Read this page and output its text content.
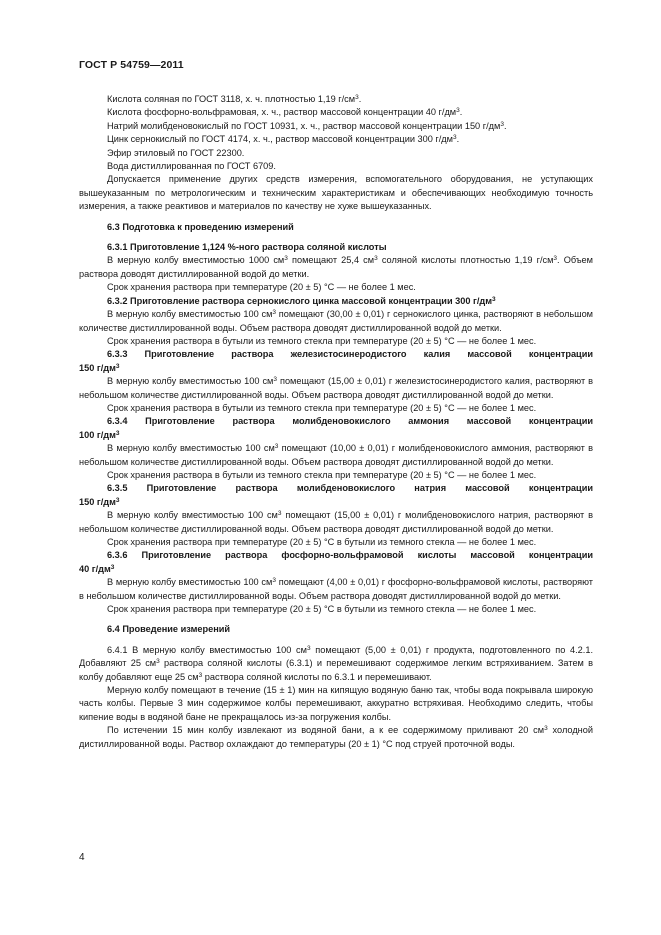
ГОСТ Р 54759—2011

Кислота соляная по ГОСТ 3118, х. ч. плотностью 1,19 $г/см^3$.

Кислота фосфорно-вольфрамовая, х. ч., раствор массовой концентрации 40 $г/дм^3$.

Натрий молибденовокислый по ГОСТ 10931, х. ч., раствор массовой концентрации 150 $г/дм^3$.

Цинк сернокислый по ГОСТ 4174, х. ч., раствор массовой концентрации 300 $г/дм^3$.

Эфир этиловый по ГОСТ 22300.

Вода дистиллированная по ГОСТ 6709.

Допускается применение других средств измерения, вспомогательного оборудования, не уступающих вышеуказанным по метрологическим и техническим характеристикам и обеспечивающих необходимую точность измерения, а также реактивов и материалов по качеству не хуже вышеуказанных.

6.3 Подготовка к проведению измерений
6.3.1 Приготовление 1,124 %-ного раствора соляной кислоты

В мерную колбу вместимостью 1000 $см^3$ помещают 25,4 $см^3$ соляной кислоты плотностью 1,19 $г/см^3$. Объем раствора доводят дистиллированной водой до метки.

Срок хранения раствора при температуре (20 ± 5) °С — не более 1 мес.

6.3.2 Приготовление раствора сернокислого цинка массовой концентрации 300 $г/дм^3$

В мерную колбу вместимостью 100 $см^3$ помещают (30,00 ± 0,01) г сернокислого цинка, растворяют в небольшом количестве дистиллированной воды. Объем раствора доводят дистиллированной водой до метки.

Срок хранения раствора в бутыли из темного стекла при температуре (20 ± 5) °С — не более 1 мес.

6.3.3 Приготовление раствора железистосинеродистого калия массовой концентрации
150 $г/дм^3$

В мерную колбу вместимостью 100 $см^3$ помещают (15,00 ± 0,01) г железистосинеродистого калия, растворяют в небольшом количестве дистиллированной воды. Объем раствора доводят дистиллированной водой до метки.

Срок хранения раствора в бутыли из темного стекла при температуре (20 ± 5) °С — не более 1 мес.

6.3.4 Приготовление раствора молибденовокислого аммония массовой концентрации
100 $г/дм^3$

В мерную колбу вместимостью 100 $см^3$ помещают (10,00 ± 0,01) г молибденовокислого аммония, растворяют в небольшом количестве дистиллированной воды. Объем раствора доводят дистиллированной водой до метки.

Срок хранения раствора в бутыли из темного стекла при температуре (20 ± 5) °С — не более 1 мес.

6.3.5 Приготовление раствора молибденовокислого натрия массовой концентрации
150 $г/дм^3$

В мерную колбу вместимостью 100 $см^3$ помещают (15,00 ± 0,01) г молибденовокислого натрия, растворяют в небольшом количестве дистиллированной воды. Объем раствора доводят дистиллированной водой до метки.

Срок хранения раствора при температуре (20 ± 5) °С в бутыли из темного стекла — не более 1 мес.

6.3.6 Приготовление раствора фосфорно-вольфрамовой кислоты массовой концентрации
40 $г/дм^3$

В мерную колбу вместимостью 100 $см^3$ помещают (4,00 ± 0,01) г фосфорно-вольфрамовой кислоты, растворяют в небольшом количестве дистиллированной воды. Объем раствора доводят дистиллированной водой до метки.

Срок хранения раствора при температуре (20 ± 5) °С в бутыли из темного стекла — не более 1 мес.

6.4 Проведение измерений

6.4.1 В мерную колбу вместимостью 100 $см^3$ помещают (5,00 ± 0,01) г продукта, подготовленного по 4.2.1. Добавляют 25 $см^3$ раствора соляной кислоты (6.3.1) и перемешивают содержимое легким встряхиванием. Затем в колбу добавляют еще 25 $см^3$ раствора соляной кислоты по 6.3.1 и перемешивают.

Мерную колбу помещают в течение (15 ± 1) мин на кипящую водяную баню так, чтобы вода покрывала широкую часть колбы. Первые 3 мин содержимое колбы перемешивают, аккуратно встряхивая. Необходимо следить, чтобы кипение воды в водяной бане не прекращалось из-за погружения колбы.

По истечении 15 мин колбу извлекают из водяной бани, а к ее содержимому приливают 20 $см^3$ холодной дистиллированной воды. Раствор охлаждают до температуры (20 ± 1) °С под струей проточной воды.

4
